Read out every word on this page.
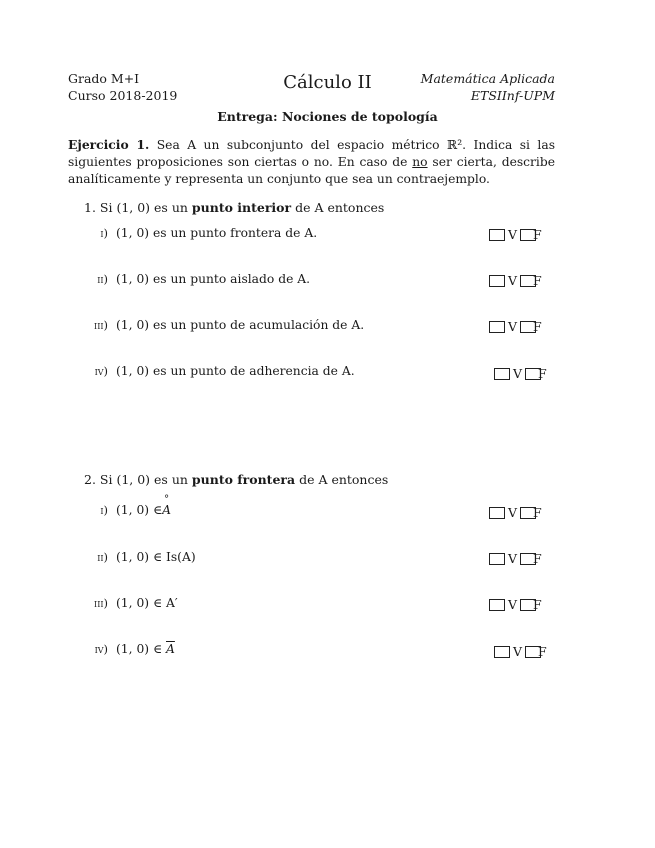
Grado M+I
Curso 2018-2019
Cálculo II	Matemática Aplicada
ETSIInf-UPM
Entrega: Nociones de topología
Ejercicio 1. Sea A un subconjunto del espacio métrico ℝ². Indica si las siguientes proposiciones son ciertas o no. En caso de no ser cierta, describe analíticamente y representa un conjunto que sea un contraejemplo.
1. Si (1, 0) es un punto interior de A entonces
i) (1, 0) es un punto frontera de A.	V F
ii) (1, 0) es un punto aislado de A.	V F
iii) (1, 0) es un punto de acumulación de A.	V F
iv) (1, 0) es un punto de adherencia de A.	V F
2. Si (1, 0) es un punto frontera de A entonces
i) (1, 0) ∈° A	V F
ii) (1, 0) ∈ Is(A)	V F
iii) (1, 0) ∈ A′	V F
iv) (1, 0) ∈ $\overline{A}$	V F
